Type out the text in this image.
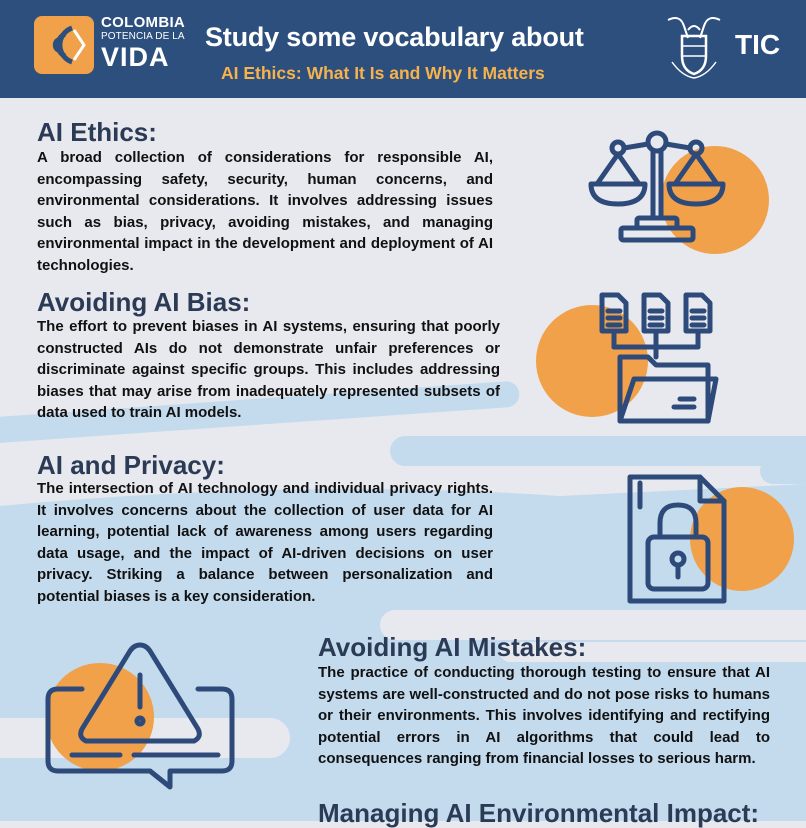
COLOMBIA
POTENCIA DE LA
VIDA
Study some vocabulary about
AI Ethics: What It Is and Why It Matters
TIC
AI Ethics:

A broad collection of considerations for responsible AI, encompassing safety, security, human concerns, and environmental considerations. It involves addressing issues such as bias, privacy, avoiding mistakes, and managing environmental impact in the development and deployment of AI technologies.

Avoiding AI Bias:

The effort to prevent biases in AI systems, ensuring that poorly constructed AIs do not demonstrate unfair preferences or discriminate against specific groups. This includes addressing biases that may arise from inadequately represented subsets of data used to train AI models.

AI and Privacy:

The intersection of AI technology and individual privacy rights. It involves concerns about the collection of user data for AI learning, potential lack of awareness among users regarding data usage, and the impact of AI-driven decisions on user privacy. Striking a balance between personalization and potential biases is a key consideration.

Avoiding AI Mistakes:

The practice of conducting thorough testing to ensure that AI systems are well-constructed and do not pose risks to humans or their environments. This involves identifying and rectifying potential errors in AI algorithms that could lead to consequences ranging from financial losses to serious harm.

Managing AI Environmental Impact:
